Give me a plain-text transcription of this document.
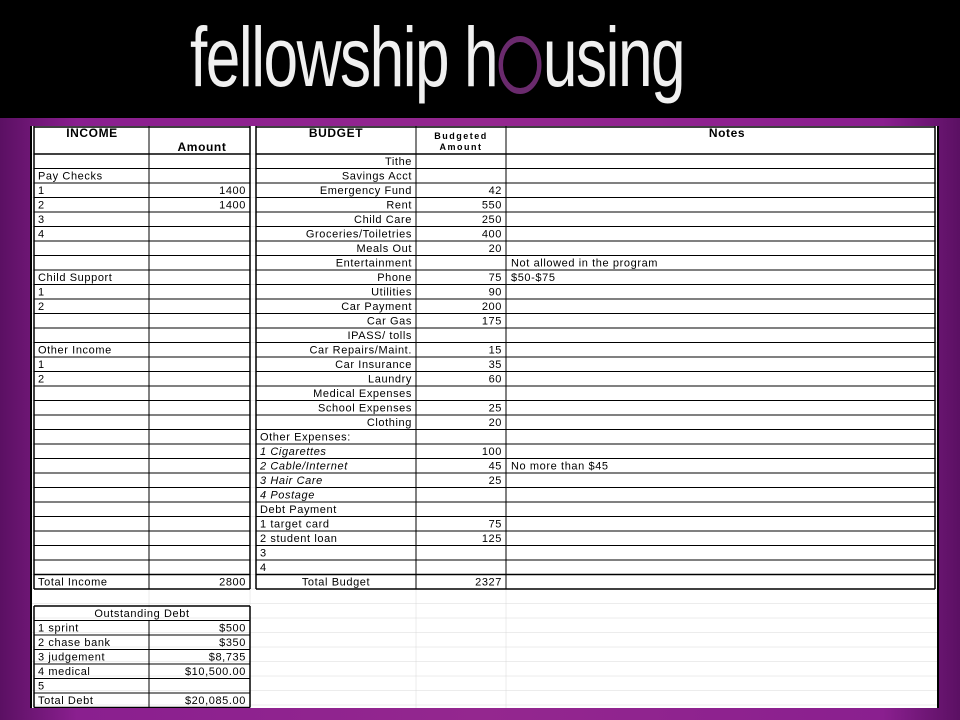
fellowship h using
INCOME
Amount
BUDGET	Budgeted
Amount
Notes
Pay Checks
1	1400
2	1400
3
4
Child Support
1
2
Other Income
1
2
Total Income	2800
Tithe
Savings Acct
Emergency Fund	42
Rent	550
Child Care	250
Groceries/Toiletries	400
Meals Out	20
Entertainment	Not allowed in the program
Phone	75 $50-$75
Utilities	90
Car Payment	200
Car Gas	175
IPASS/ tolls
Car Repairs/Maint.	15
Car Insurance	35
Laundry	60
Medical Expenses
School Expenses	25
Clothing	20
Other Expenses:
1 Cigarettes	100
2 Cable/Internet	45 No more than $45
3 Hair Care	25
4 Postage
Debt Payment
1 target card	75
2 student loan	125
3
4
Total Budget	2327
Outstanding Debt
1 sprint	$500
2 chase bank	$350
3 judgement	$8,735
4 medical	$10,500.00
5
Total Debt	$20,085.00
